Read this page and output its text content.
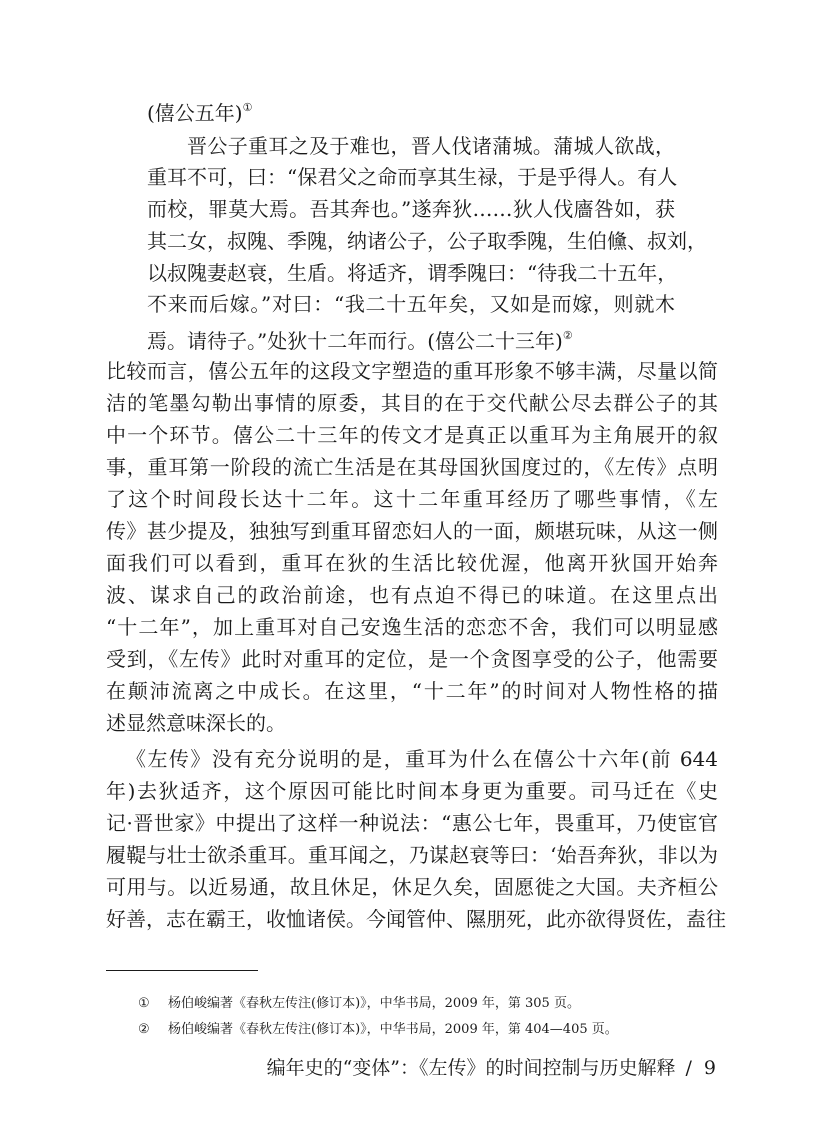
(僖公五年)①
晋公子重耳之及于难也，晋人伐诸蒲城。蒲城人欲战，
重耳不可，曰：“保君父之命而享其生禄，于是乎得人。有人
而校，罪莫大焉。吾其奔也。”遂奔狄……狄人伐廧咎如，获
其二女，叔隗、季隗，纳诸公子，公子取季隗，生伯儵、叔刘，
以叔隗妻赵衰，生盾。将适齐，谓季隗曰：“待我二十五年，
不来而后嫁。”对曰：“我二十五年矣，又如是而嫁，则就木
焉。请待子。”处狄十二年而行。(僖公二十三年)②
比较而言，僖公五年的这段文字塑造的重耳形象不够丰满，尽量以简
洁的笔墨勾勒出事情的原委，其目的在于交代献公尽去群公子的其
中一个环节。僖公二十三年的传文才是真正以重耳为主角展开的叙
事，重耳第一阶段的流亡生活是在其母国狄国度过的，《左传》点明
了这个时间段长达十二年。这十二年重耳经历了哪些事情，《左
传》甚少提及，独独写到重耳留恋妇人的一面，颇堪玩味，从这一侧
面我们可以看到，重耳在狄的生活比较优渥，他离开狄国开始奔
波、谋求自己的政治前途，也有点迫不得已的味道。在这里点出
“十二年”，加上重耳对自己安逸生活的恋恋不舍，我们可以明显感
受到，《左传》此时对重耳的定位，是一个贪图享受的公子，他需要
在颠沛流离之中成长。在这里，“十二年”的时间对人物性格的描
述显然意味深长的。
《左传》没有充分说明的是，重耳为什么在僖公十六年(前 644
年)去狄适齐，这个原因可能比时间本身更为重要。司马迁在《史
记·晋世家》中提出了这样一种说法：“惠公七年，畏重耳，乃使宦官
履鞮与壮士欲杀重耳。重耳闻之，乃谋赵衰等曰：‘始吾奔狄，非以为
可用与。以近易通，故且休足，休足久矣，固愿徙之大国。夫齐桓公
好善，志在霸王，收恤诸侯。今闻管仲、隰朋死，此亦欲得贤佐，盍往
① 杨伯峻编著《春秋左传注(修订本)》，中华书局，2009 年，第 305 页。
② 杨伯峻编著《春秋左传注(修订本)》，中华书局，2009 年，第 404—405 页。
编年史的“变体”：《左传》的时间控制与历史解释 / 9
